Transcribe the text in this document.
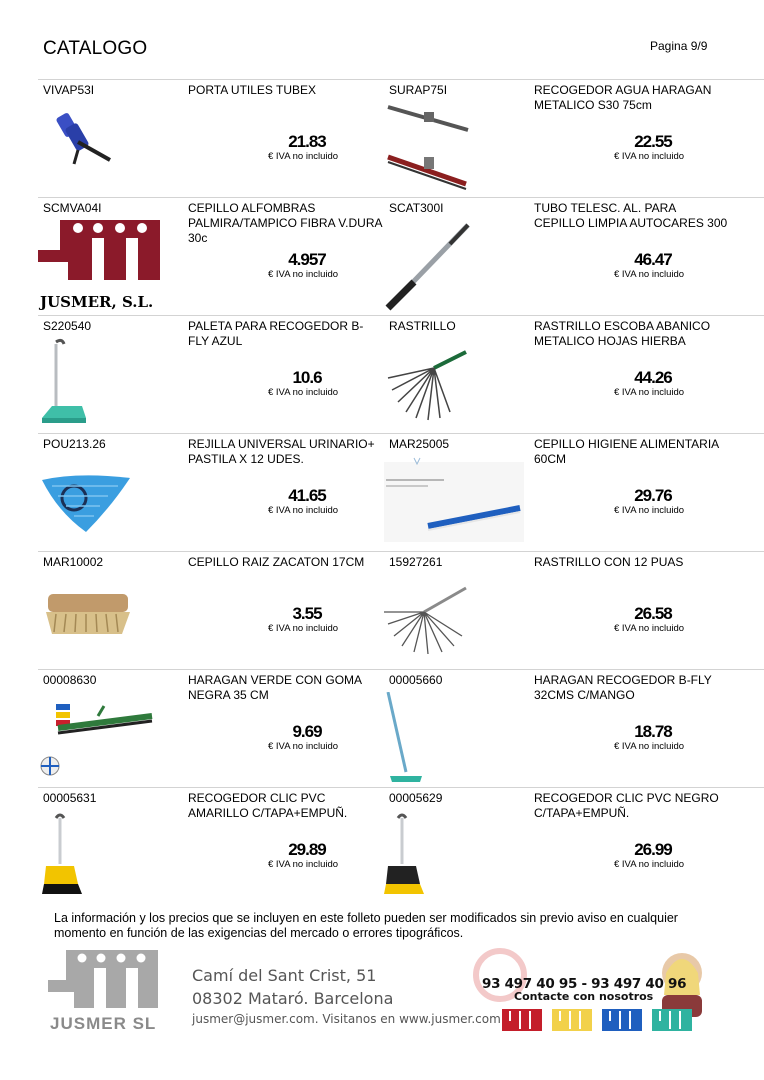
CATALOGO	Pagina 9/9
VIVAP53I	PORTA UTILES TUBEX
21.83
€ IVA no incluido
SURAP75I	RECOGEDOR AGUA HARAGAN METALICO S30 75cm
22.55
€ IVA no incluido
SCMVA04I
JUSMER, S.L.
CEPILLO ALFOMBRAS PALMIRA/TAMPICO FIBRA V.DURA 30c
4.957
€ IVA no incluido
SCAT300I	TUBO TELESC. AL. PARA CEPILLO LIMPIA AUTOCARES 300
46.47
€ IVA no incluido
S220540	PALETA PARA RECOGEDOR B-FLY AZUL
10.6
€ IVA no incluido
RASTRILLO	RASTRILLO ESCOBA ABANICO METALICO HOJAS HIERBA
44.26
€ IVA no incluido
POU213.26	REJILLA UNIVERSAL URINARIO+ PASTILA X 12 UDES.
41.65
€ IVA no incluido
MAR25005	CEPILLO HIGIENE ALIMENTARIA 60CM
29.76
€ IVA no incluido
MAR10002	CEPILLO RAIZ ZACATON 17CM
3.55
€ IVA no incluido
15927261	RASTRILLO CON 12 PUAS
26.58
€ IVA no incluido
00008630	HARAGAN VERDE CON GOMA NEGRA 35 CM
9.69
€ IVA no incluido
00005660	HARAGAN RECOGEDOR B-FLY 32CMS C/MANGO
18.78
€ IVA no incluido
00005631	RECOGEDOR CLIC PVC AMARILLO C/TAPA+EMPUÑ.
29.89
€ IVA no incluido
00005629	RECOGEDOR CLIC PVC NEGRO C/TAPA+EMPUÑ.
26.99
€ IVA no incluido
La información y los precios que se incluyen en este folleto pueden ser modificados sin previo aviso en cualquier momento en función de las exigencias del mercado o errores tipográficos.
JUSMER SL
Camí del Sant Crist, 51
08302 Mataró. Barcelona
jusmer@jusmer.com. Visitanos en www.jusmer.com
93 497 40 95 - 93 497 40 96
Contacte con nosotros
